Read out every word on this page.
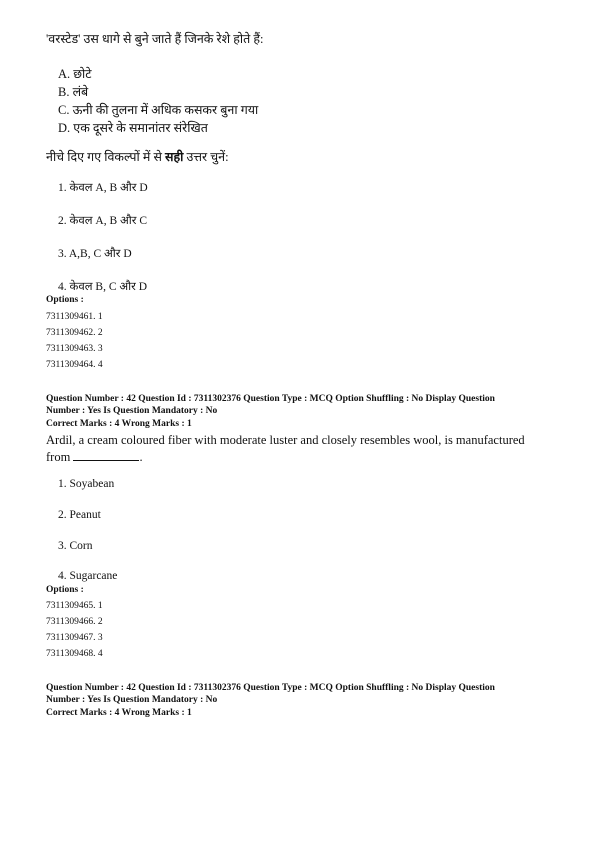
'वरस्टेड' उस धागे से बुने जाते हैं जिनके रेशे होते हैं:
A. छोटे
B. लंबे
C. ऊनी की तुलना में अधिक कसकर बुना गया
D. एक दूसरे के समानांतर संरेखित
नीचे दिए गए विकल्पों में से सही उत्तर चुनें:
1. केवल A, B और D
2. केवल A, B और C
3. A,B, C और D
4. केवल B, C और D
Options :
7311309461. 1
7311309462. 2
7311309463. 3
7311309464. 4
Question Number : 42 Question Id : 7311302376 Question Type : MCQ Option Shuffling : No Display Question
Number : Yes Is Question Mandatory : No
Correct Marks : 4 Wrong Marks : 1
Ardil, a cream coloured fiber with moderate luster and closely resembles wool, is manufactured
from	.
1. Soyabean
2. Peanut
3. Corn
4. Sugarcane
Options :
7311309465. 1
7311309466. 2
7311309467. 3
7311309468. 4
Question Number : 42 Question Id : 7311302376 Question Type : MCQ Option Shuffling : No Display Question
Number : Yes Is Question Mandatory : No
Correct Marks : 4 Wrong Marks : 1
